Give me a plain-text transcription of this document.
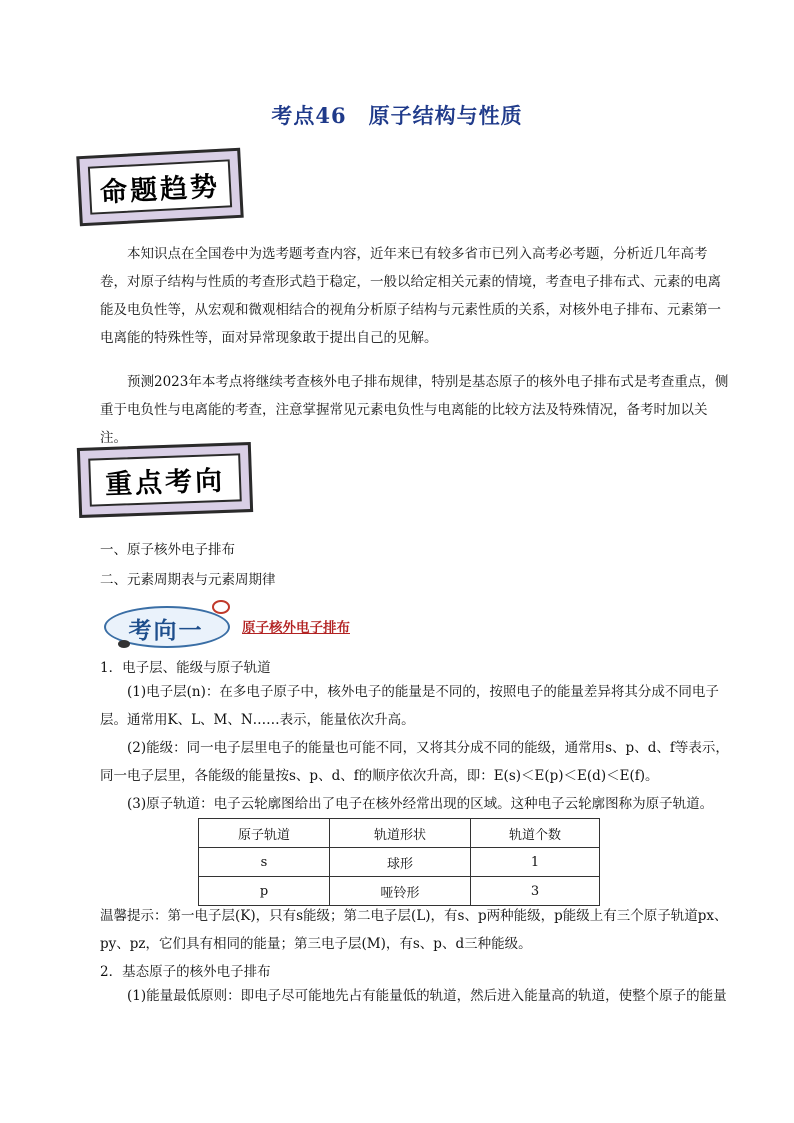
考点46　原子结构与性质
命题趋势
本知识点在全国卷中为选考题考查内容，近年来已有较多省市已列入高考必考题，分析近几年高考卷，对原子结构与性质的考查形式趋于稳定，一般以给定相关元素的情境，考查电子排布式、元素的电离能及电负性等，从宏观和微观相结合的视角分析原子结构与元素性质的关系，对核外电子排布、元素第一电离能的特殊性等，面对异常现象敢于提出自己的见解。
预测2023年本考点将继续考查核外电子排布规律，特别是基态原子的核外电子排布式是考查重点，侧重于电负性与电离能的考查，注意掌握常见元素电负性与电离能的比较方法及特殊情况，备考时加以关注。
重点考向
一、原子核外电子排布
二、元素周期表与元素周期律
考向一	原子核外电子排布
1．电子层、能级与原子轨道
(1)电子层(n)：在多电子原子中，核外电子的能量是不同的，按照电子的能量差异将其分成不同电子层。通常用K、L、M、N……表示，能量依次升高。
(2)能级：同一电子层里电子的能量也可能不同，又将其分成不同的能级，通常用s、p、d、f等表示，同一电子层里，各能级的能量按s、p、d、f的顺序依次升高，即：E(s)＜E(p)＜E(d)＜E(f)。
(3)原子轨道：电子云轮廓图给出了电子在核外经常出现的区域。这种电子云轮廓图称为原子轨道。
原子轨道	轨道形状	轨道个数
s	球形	1
p	哑铃形	3
温馨提示：第一电子层(K)，只有s能级；第二电子层(L)，有s、p两种能级，p能级上有三个原子轨道px、py、pz，它们具有相同的能量；第三电子层(M)，有s、p、d三种能级。
2．基态原子的核外电子排布
(1)能量最低原则：即电子尽可能地先占有能量低的轨道，然后进入能量高的轨道，使整个原子的能量
